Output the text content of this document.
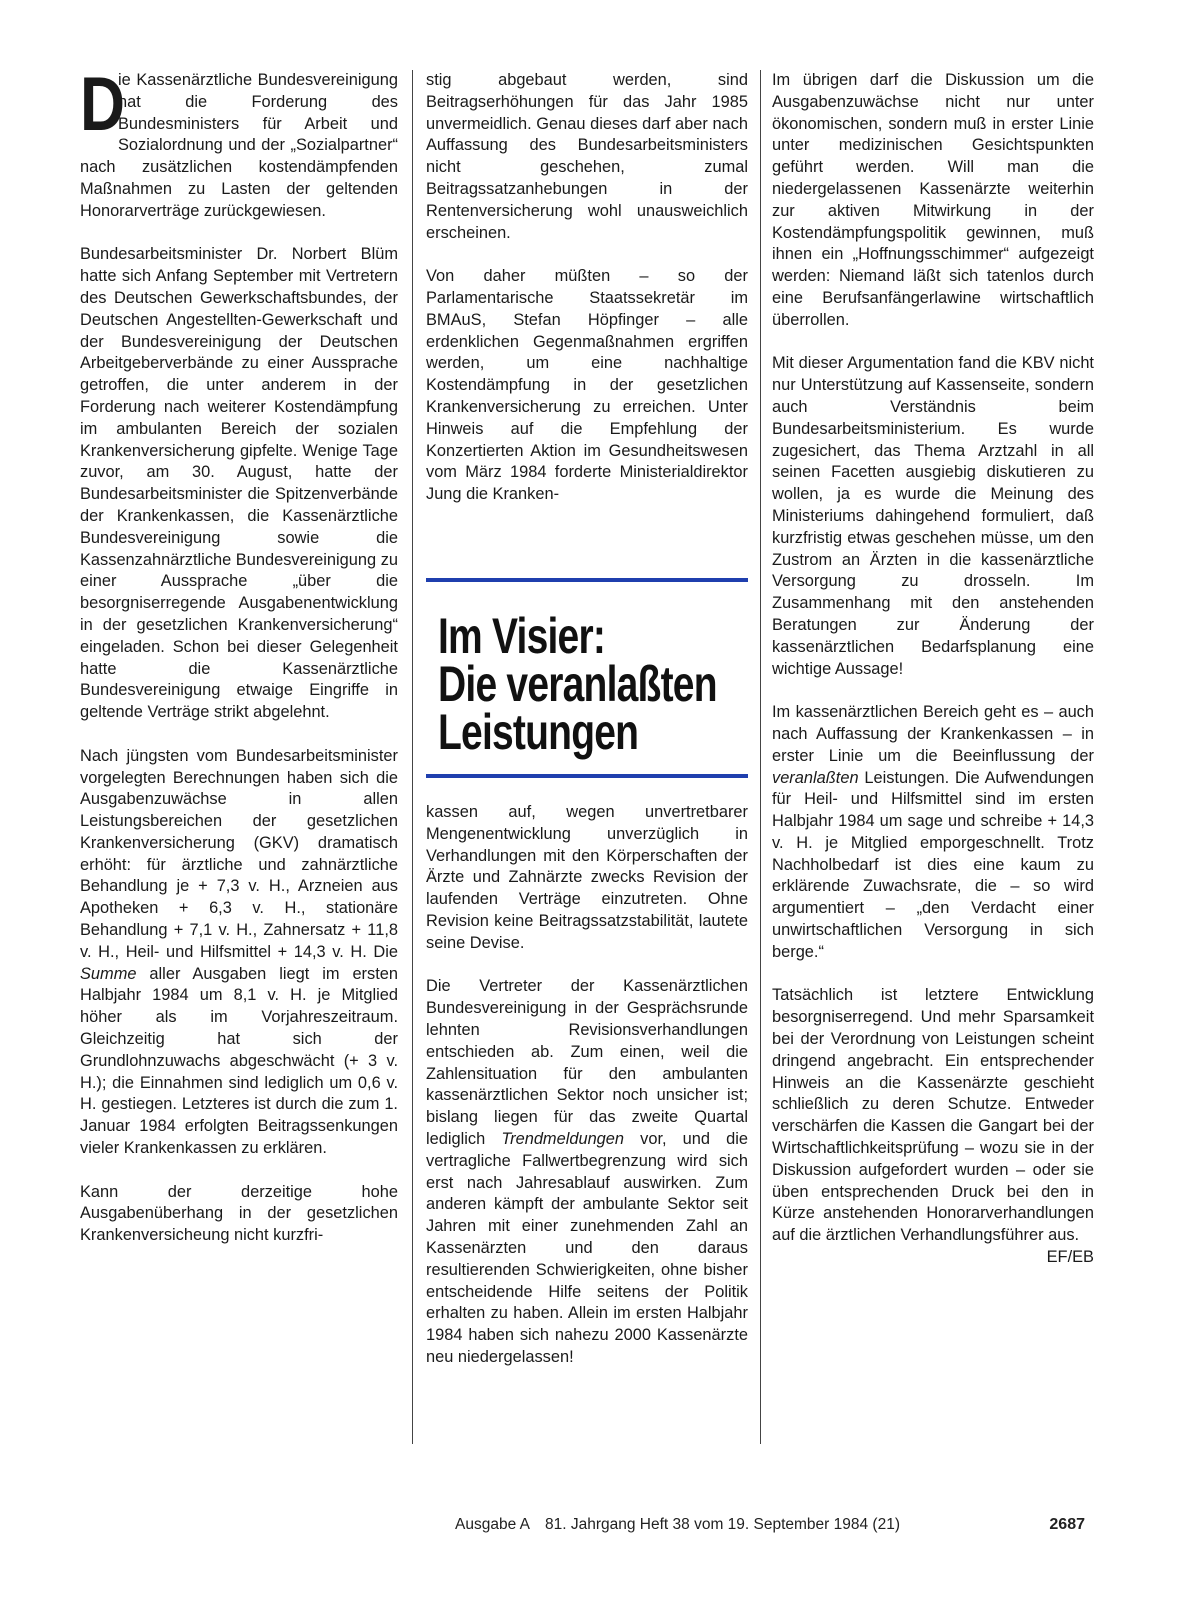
D
ie Kassenärztliche Bundesvereinigung hat die Forderung des Bundesministers für Arbeit und Sozialordnung und der „Sozialpartner“ nach zusätzlichen kostendämpfenden Maßnahmen zu Lasten der geltenden Honorarverträge zurückgewiesen.

Bundesarbeitsminister Dr. Norbert Blüm hatte sich Anfang September mit Vertretern des Deutschen Gewerkschaftsbundes, der Deutschen Angestellten-Gewerkschaft und der Bundesvereinigung der Deutschen Arbeitgeberverbände zu einer Aussprache getroffen, die unter anderem in der Forderung nach weiterer Kostendämpfung im ambulanten Bereich der sozialen Krankenversicherung gipfelte. Wenige Tage zuvor, am 30. August, hatte der Bundesarbeitsminister die Spitzenverbände der Krankenkassen, die Kassenärztliche Bundesvereinigung sowie die Kassenzahnärztliche Bundesvereinigung zu einer Aussprache „über die besorgniserregende Ausgabenentwicklung in der gesetzlichen Krankenversicherung“ eingeladen. Schon bei dieser Gelegenheit hatte die Kassenärztliche Bundesvereinigung etwaige Eingriffe in geltende Verträge strikt abgelehnt.

Nach jüngsten vom Bundesarbeitsminister vorgelegten Berechnungen haben sich die Ausgabenzuwächse in allen Leistungsbereichen der gesetzlichen Krankenversicherung (GKV) dramatisch erhöht: für ärztliche und zahnärztliche Behandlung je + 7,3 v. H., Arzneien aus Apotheken + 6,3 v. H., stationäre Behandlung + 7,1 v. H., Zahnersatz + 11,8 v. H., Heil- und Hilfsmittel + 14,3 v. H. Die Summe aller Ausgaben liegt im ersten Halbjahr 1984 um 8,1 v. H. je Mitglied höher als im Vorjahreszeitraum. Gleichzeitig hat sich der Grundlohnzuwachs abgeschwächt (+ 3 v. H.); die Einnahmen sind lediglich um 0,6 v. H. gestiegen. Letzteres ist durch die zum 1. Januar 1984 erfolgten Beitragssenkungen vieler Krankenkassen zu erklären.

Kann der derzeitige hohe Ausgabenüberhang in der gesetzlichen Krankenversicheung nicht kurzfri-

stig abgebaut werden, sind Beitragserhöhungen für das Jahr 1985 unvermeidlich. Genau dieses darf aber nach Auffassung des Bundesarbeitsministers nicht geschehen, zumal Beitragssatzanhebungen in der Rentenversicherung wohl unausweichlich erscheinen.

Von daher müßten – so der Parlamentarische Staatssekretär im BMAuS, Stefan Höpfinger – alle erdenklichen Gegenmaßnahmen ergriffen werden, um eine nachhaltige Kostendämpfung in der gesetzlichen Krankenversicherung zu erreichen. Unter Hinweis auf die Empfehlung der Konzertierten Aktion im Gesundheitswesen vom März 1984 forderte Ministerialdirektor Jung die Kranken-

Im Visier:
Die veranlaßten
Leistungen

kassen auf, wegen unvertretbarer Mengenentwicklung unverzüglich in Verhandlungen mit den Körperschaften der Ärzte und Zahnärzte zwecks Revision der laufenden Verträge einzutreten. Ohne Revision keine Beitragssatzstabilität, lautete seine Devise.

Die Vertreter der Kassenärztlichen Bundesvereinigung in der Gesprächsrunde lehnten Revisionsverhandlungen entschieden ab. Zum einen, weil die Zahlensituation für den ambulanten kassenärztlichen Sektor noch unsicher ist; bislang liegen für das zweite Quartal lediglich Trendmeldungen vor, und die vertragliche Fallwertbegrenzung wird sich erst nach Jahresablauf auswirken. Zum anderen kämpft der ambulante Sektor seit Jahren mit einer zunehmenden Zahl an Kassenärzten und den daraus resultierenden Schwierigkeiten, ohne bisher entscheidende Hilfe seitens der Politik erhalten zu haben. Allein im ersten Halbjahr 1984 haben sich nahezu 2000 Kassenärzte neu niedergelassen!

Im übrigen darf die Diskussion um die Ausgabenzuwächse nicht nur unter ökonomischen, sondern muß in erster Linie unter medizinischen Gesichtspunkten geführt werden. Will man die niedergelassenen Kassenärzte weiterhin zur aktiven Mitwirkung in der Kostendämpfungspolitik gewinnen, muß ihnen ein „Hoffnungsschimmer“ aufgezeigt werden: Niemand läßt sich tatenlos durch eine Berufsanfängerlawine wirtschaftlich überrollen.

Mit dieser Argumentation fand die KBV nicht nur Unterstützung auf Kassenseite, sondern auch Verständnis beim Bundesarbeitsministerium. Es wurde zugesichert, das Thema Arztzahl in all seinen Facetten ausgiebig diskutieren zu wollen, ja es wurde die Meinung des Ministeriums dahingehend formuliert, daß kurzfristig etwas geschehen müsse, um den Zustrom an Ärzten in die kassenärztliche Versorgung zu drosseln. Im Zusammenhang mit den anstehenden Beratungen zur Änderung der kassenärztlichen Bedarfsplanung eine wichtige Aussage!

Im kassenärztlichen Bereich geht es – auch nach Auffassung der Krankenkassen – in erster Linie um die Beeinflussung der veranlaßten Leistungen. Die Aufwendungen für Heil- und Hilfsmittel sind im ersten Halbjahr 1984 um sage und schreibe + 14,3 v. H. je Mitglied emporgeschnellt. Trotz Nachholbedarf ist dies eine kaum zu erklärende Zuwachsrate, die – so wird argumentiert – „den Verdacht einer unwirtschaftlichen Versorgung in sich berge.“

Tatsächlich ist letztere Entwicklung besorgniserregend. Und mehr Sparsamkeit bei der Verordnung von Leistungen scheint dringend angebracht. Ein entsprechender Hinweis an die Kassenärzte geschieht schließlich zu deren Schutze. Entweder verschärfen die Kassen die Gangart bei der Wirtschaftlichkeitsprüfung – wozu sie in der Diskussion aufgefordert wurden – oder sie üben entsprechenden Druck bei den in Kürze anstehenden Honorarverhandlungen auf die ärztlichen Verhandlungsführer aus.
EF/EB

Ausgabe A 81. Jahrgang Heft 38 vom 19. September 1984 (21)	2687
